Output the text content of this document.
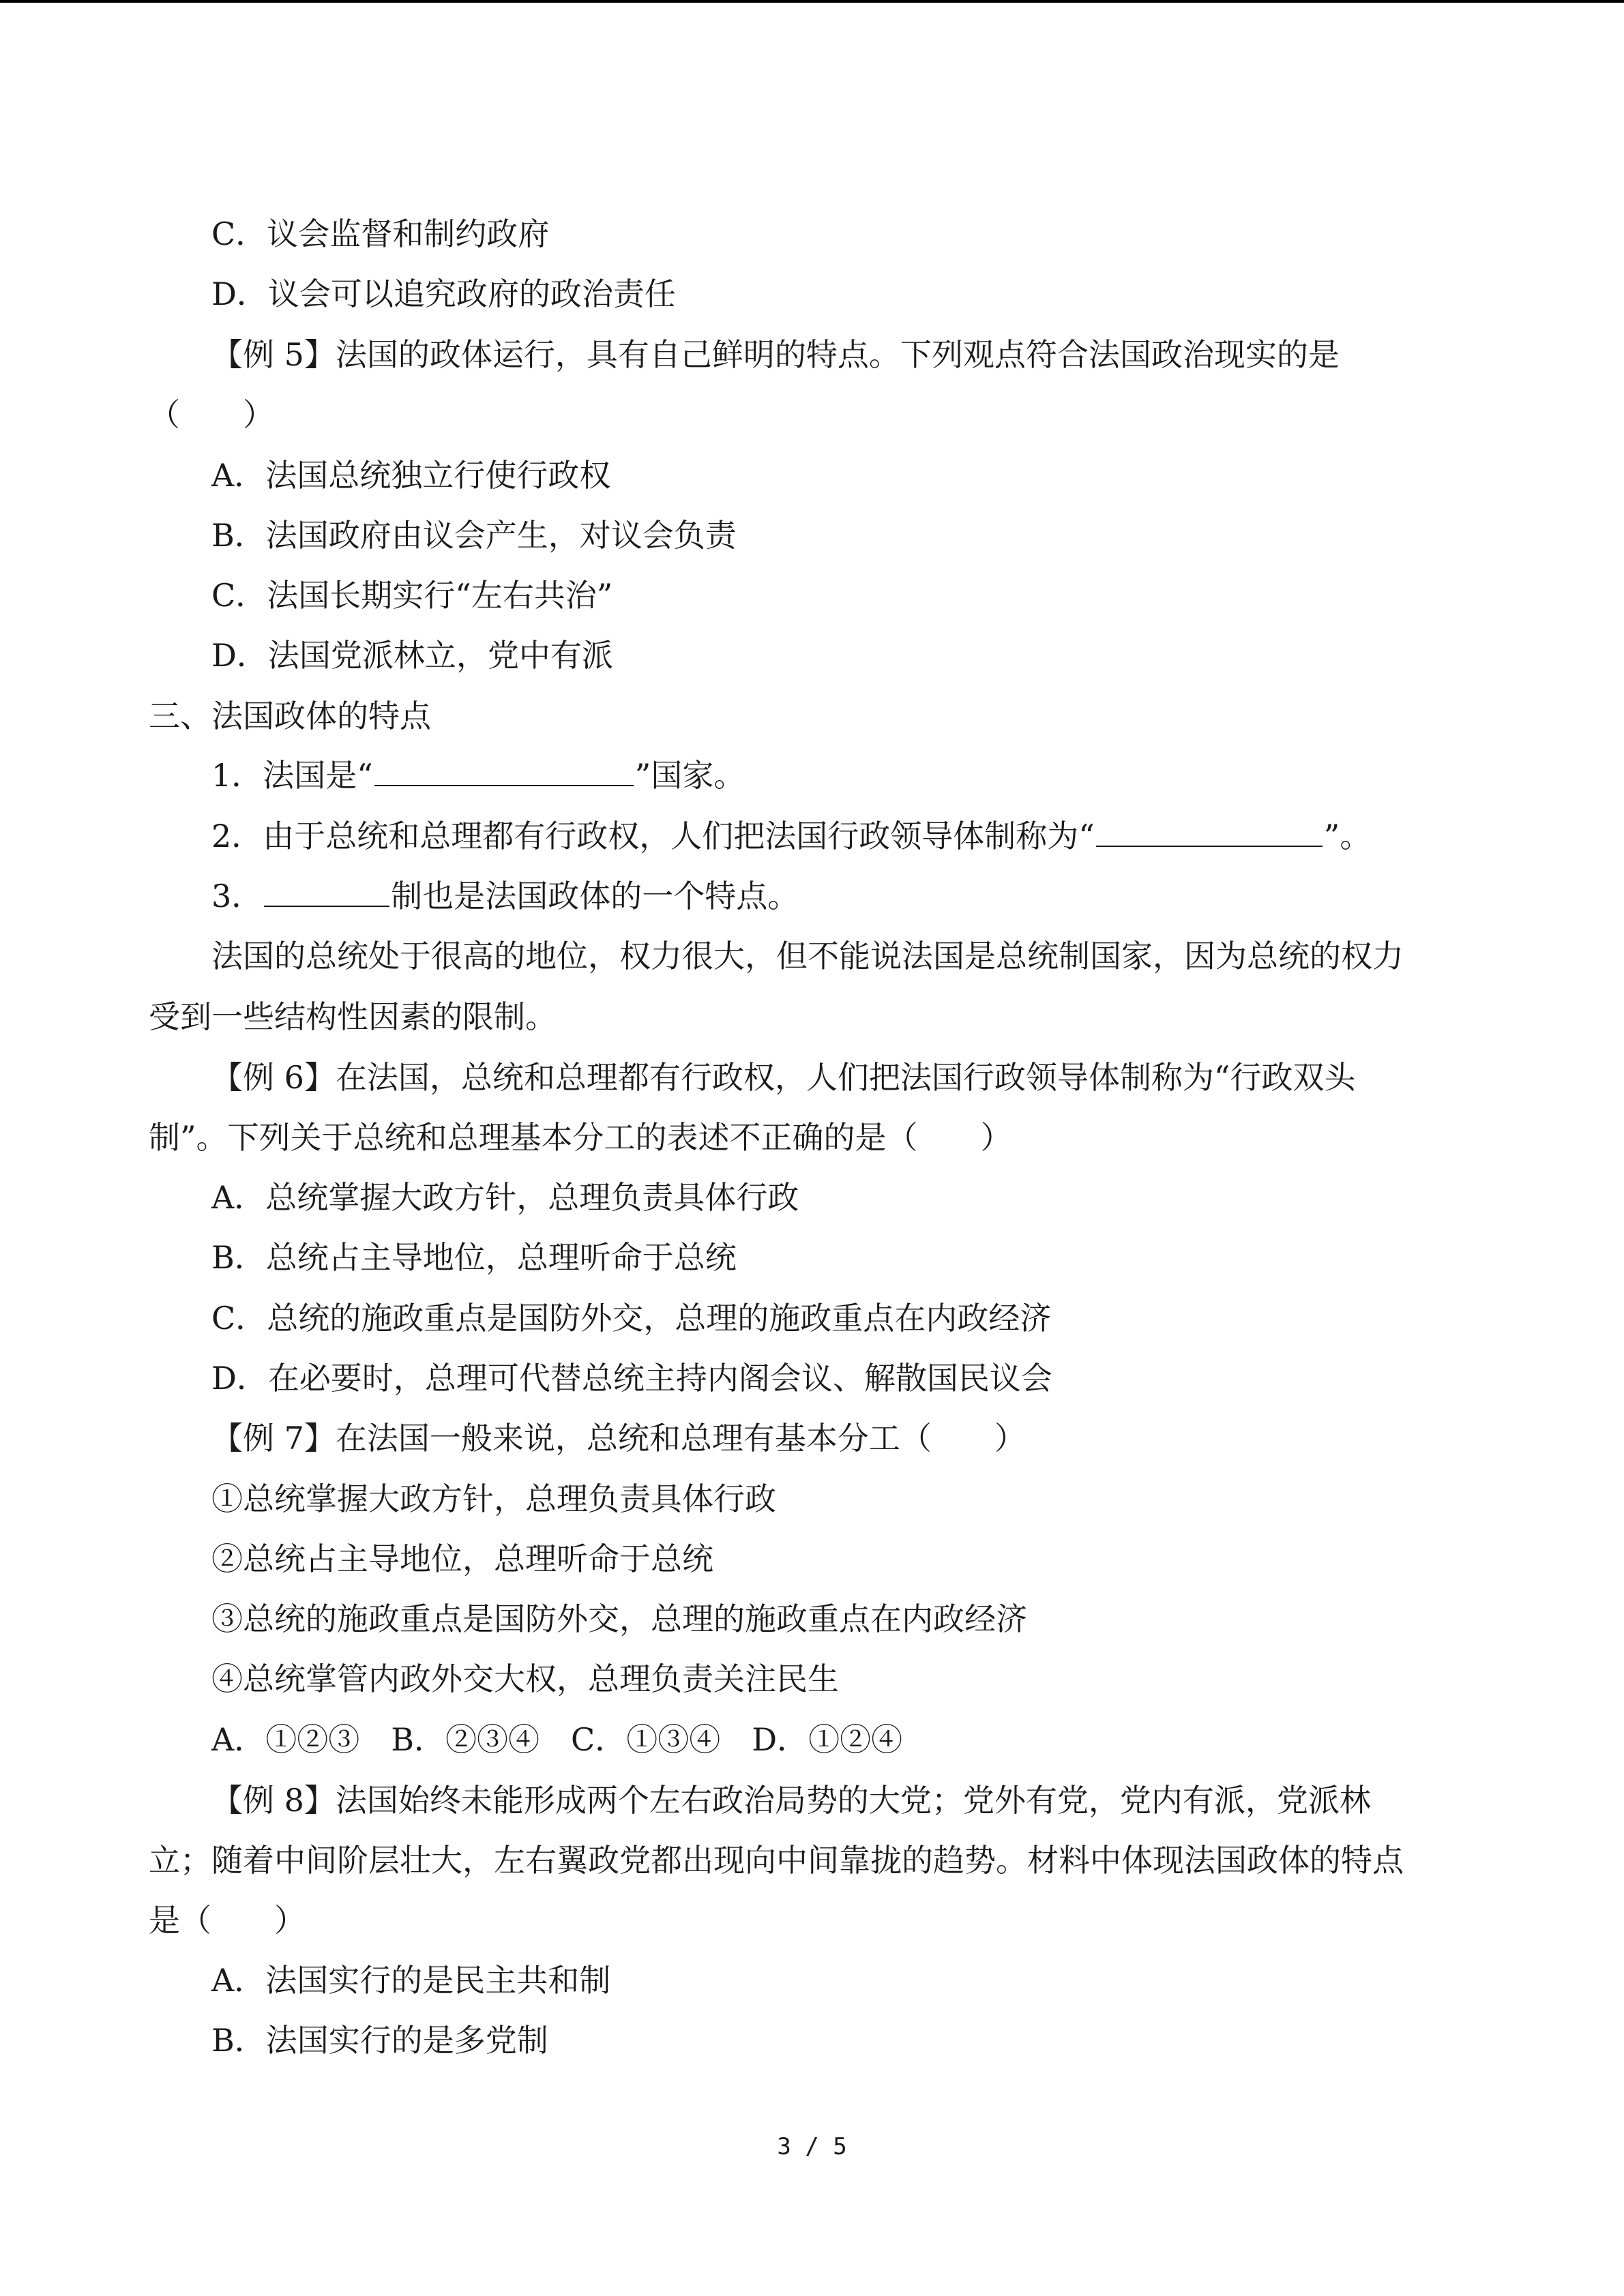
C．议会监督和制约政府
D．议会可以追究政府的政治责任
【例 5】法国的政体运行，具有自己鲜明的特点。下列观点符合法国政治现实的是
（　　）
A．法国总统独立行使行政权
B．法国政府由议会产生，对议会负责
C．法国长期实行“左右共治”
D．法国党派林立，党中有派
三、法国政体的特点
1．法国是“	”国家。
2．由于总统和总理都有行政权，人们把法国行政领导体制称为“	”。
3．	制也是法国政体的一个特点。
法国的总统处于很高的地位，权力很大，但不能说法国是总统制国家，因为总统的权力
受到一些结构性因素的限制。
【例 6】在法国，总统和总理都有行政权，人们把法国行政领导体制称为“行政双头
制”。下列关于总统和总理基本分工的表述不正确的是（　　）
A．总统掌握大政方针，总理负责具体行政
B．总统占主导地位，总理听命于总统
C．总统的施政重点是国防外交，总理的施政重点在内政经济
D．在必要时，总理可代替总统主持内阁会议、解散国民议会
【例 7】在法国一般来说，总统和总理有基本分工（　　）
①总统掌握大政方针，总理负责具体行政
②总统占主导地位，总理听命于总统
③总统的施政重点是国防外交，总理的施政重点在内政经济
④总统掌管内政外交大权，总理负责关注民生
A．①②③　B．②③④　C．①③④　D．①②④
【例 8】法国始终未能形成两个左右政治局势的大党；党外有党，党内有派，党派林
立；随着中间阶层壮大，左右翼政党都出现向中间靠拢的趋势。材料中体现法国政体的特点
是（　　）
A．法国实行的是民主共和制
B．法国实行的是多党制
3 / 5
